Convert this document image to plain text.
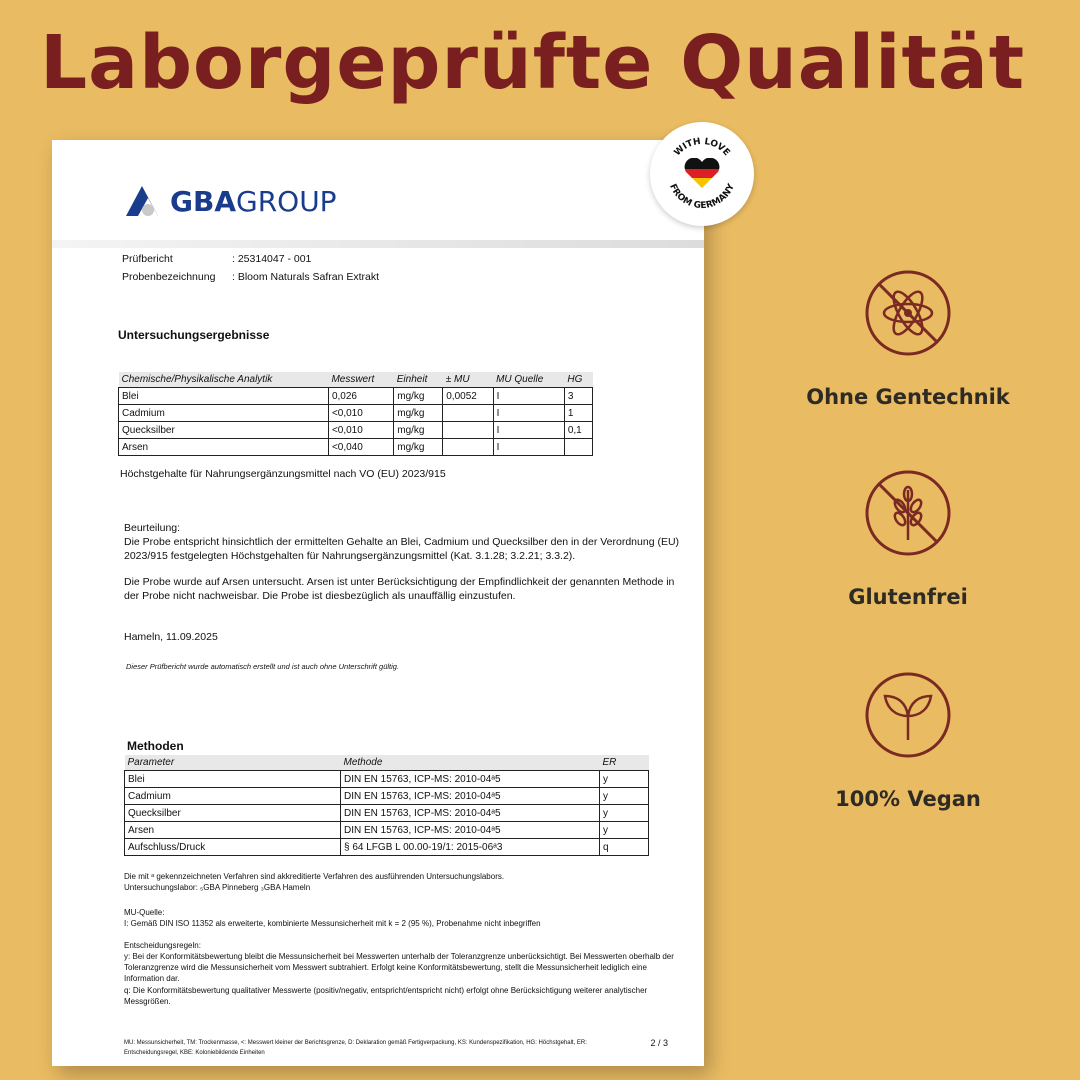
Laborgeprüfte Qualität
GBAGROUP
Prüfbericht	: 25314047 - 001
Probenbezeichnung : Bloom Naturals Safran Extrakt
Untersuchungsergebnisse
Chemische/Physikalische Analytik	Messwert	Einheit	± MU	MU Quelle	HG
Blei	0,026	mg/kg	0,0052	I	3
Cadmium	<0,010	mg/kg		I	1
Quecksilber	<0,010	mg/kg		I	0,1
Arsen	<0,040	mg/kg		I	
Höchstgehalte für Nahrungsergänzungsmittel nach VO (EU) 2023/915
Beurteilung:
Die Probe entspricht hinsichtlich der ermittelten Gehalte an Blei, Cadmium und Quecksilber den in der Verordnung (EU) 2023/915 festgelegten Höchstgehalten für Nahrungsergänzungsmittel (Kat. 3.1.28; 3.2.21; 3.3.2).
Die Probe wurde auf Arsen untersucht. Arsen ist unter Berücksichtigung der Empfindlichkeit der genannten Methode in der Probe nicht nachweisbar. Die Probe ist diesbezüglich als unauffällig einzustufen.
Hameln, 11.09.2025
Dieser Prüfbericht wurde automatisch erstellt und ist auch ohne Unterschrift gültig.
Methoden
Parameter	Methode	ER
Blei	DIN EN 15763, ICP-MS: 2010-04ᵃ5	y
Cadmium	DIN EN 15763, ICP-MS: 2010-04ᵃ5	y
Quecksilber	DIN EN 15763, ICP-MS: 2010-04ᵃ5	y
Arsen	DIN EN 15763, ICP-MS: 2010-04ᵃ5	y
Aufschluss/Druck	§ 64 LFGB L 00.00-19/1: 2015-06ᵃ3	q
Die mit ᵃ gekennzeichneten Verfahren sind akkreditierte Verfahren des ausführenden Untersuchungslabors.
Untersuchungslabor: ₅GBA Pinneberg ₃GBA Hameln
MU-Quelle:
I: Gemäß DIN ISO 11352 als erweiterte, kombinierte Messunsicherheit mit k = 2 (95 %), Probenahme nicht inbegriffen
Entscheidungsregeln:
y: Bei der Konformitätsbewertung bleibt die Messunsicherheit bei Messwerten unterhalb der Toleranzgrenze unberücksichtigt. Bei Messwerten oberhalb der Toleranzgrenze wird die Messunsicherheit vom Messwert subtrahiert. Erfolgt keine Konformitätsbewertung, stellt die Messunsicherheit lediglich eine Information dar.
q: Die Konformitätsbewertung qualitativer Messwerte (positiv/negativ, entspricht/entspricht nicht) erfolgt ohne Berücksichtigung weiterer analytischer Messgrößen.
MU: Messunsicherheit, TM: Trockenmasse, <: Messwert kleiner der Berichtsgrenze, D: Deklaration gemäß Fertigverpackung, KS: Kundenspezifikation, HG: Höchstgehalt, ER: Entscheidungsregel, KBE: Koloniebildende Einheiten
2 / 3
WITH LOVE
FROM GERMANY
Ohne Gentechnik
Glutenfrei
100% Vegan
